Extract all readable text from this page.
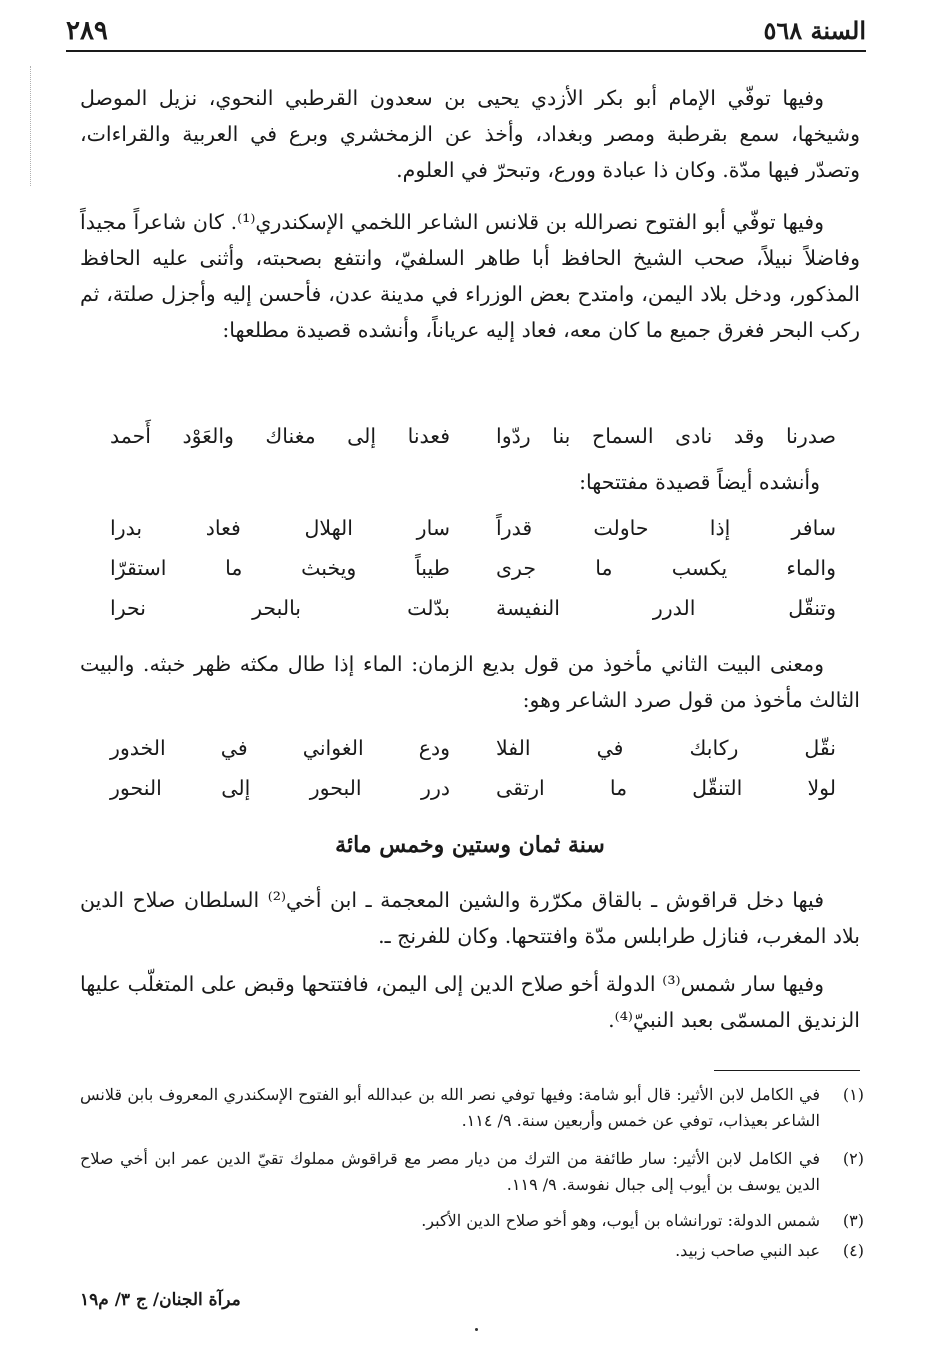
٢٨٩	السنة ٥٦٨
وفيها توفّي الإمام أبو بكر الأزدي يحيى بن سعدون القرطبي النحوي، نزيل الموصل وشيخها، سمع بقرطبة ومصر وبغداد، وأخذ عن الزمخشري وبرع في العربية والقراءات، وتصدّر فيها مدّة. وكان ذا عبادة وورع، وتبحرّ في العلوم.
وفيها توفّي أبو الفتوح نصرالله بن قلانس الشاعر اللخمي الإسكندري⁽¹⁾. كان شاعراً مجيداً وفاضلاً نبيلاً، صحب الشيخ الحافظ أبا طاهر السلفيّ، وانتفع بصحبته، وأثنى عليه الحافظ المذكور، ودخل بلاد اليمن، وامتدح بعض الوزراء في مدينة عدن، فأحسن إليه وأجزل صلتة، ثم ركب البحر فغرق جميع ما كان معه، فعاد إليه عرياناً، وأنشده قصيدة مطلعها:
صدرنا وقد نادى السماح بنا ردّوا
فعدنا إلى مغناك والعَوْد أَحمد
وأنشده أيضاً قصيدة مفتتحها:
سافر إذا حاولت قدراً
سار الهلال فعاد بدرا
والماء يكسب ما جرى
طيباً ويخبث ما استقرّا
وتنقّل الدرر النفيسة
بدّلت بالبحر نحرا
ومعنى البيت الثاني مأخوذ من قول بديع الزمان: الماء إذا طال مكثه ظهر خبثه. والبيت الثالث مأخوذ من قول صرد الشاعر وهو:
نقّل ركابك في الفلا
ودع الغواني في الخدور
لولا التنقّل ما ارتقى
درر البحور إلى النحور
سنة ثمان وستين وخمس مائة
فيها دخل قراقوش ـ بالقاق مكرّرة والشين المعجمة ـ ابن أخي⁽²⁾ السلطان صلاح الدين بلاد المغرب، فنازل طرابلس مدّة وافتتحها. وكان للفرنج ـ.
وفيها سار شمس⁽³⁾ الدولة أخو صلاح الدين إلى اليمن، فافتتحها وقبض على المتغلّب عليها الزنديق المسمّى بعبد النبيّ⁽⁴⁾.
(١)
في الكامل لابن الأثير: قال أبو شامة: وفيها توفي نصر الله بن عبدالله أبو الفتوح الإسكندري المعروف بابن قلانس الشاعر بعيذاب، توفي عن خمس وأربعين سنة. ٩/ ١١٤.
(٢)
في الكامل لابن الأثير: سار طائفة من الترك من ديار مصر مع قراقوش مملوك تقيّ الدين عمر ابن أخي صلاح الدين يوسف بن أيوب إلى جبال نفوسة. ٩/ ١١٩.
(٣)
شمس الدولة: تورانشاه بن أيوب، وهو أخو صلاح الدين الأكبر.
(٤)
عبد النبي صاحب زبيد.
مرآة الجنان/ ج ٣/ م١٩
